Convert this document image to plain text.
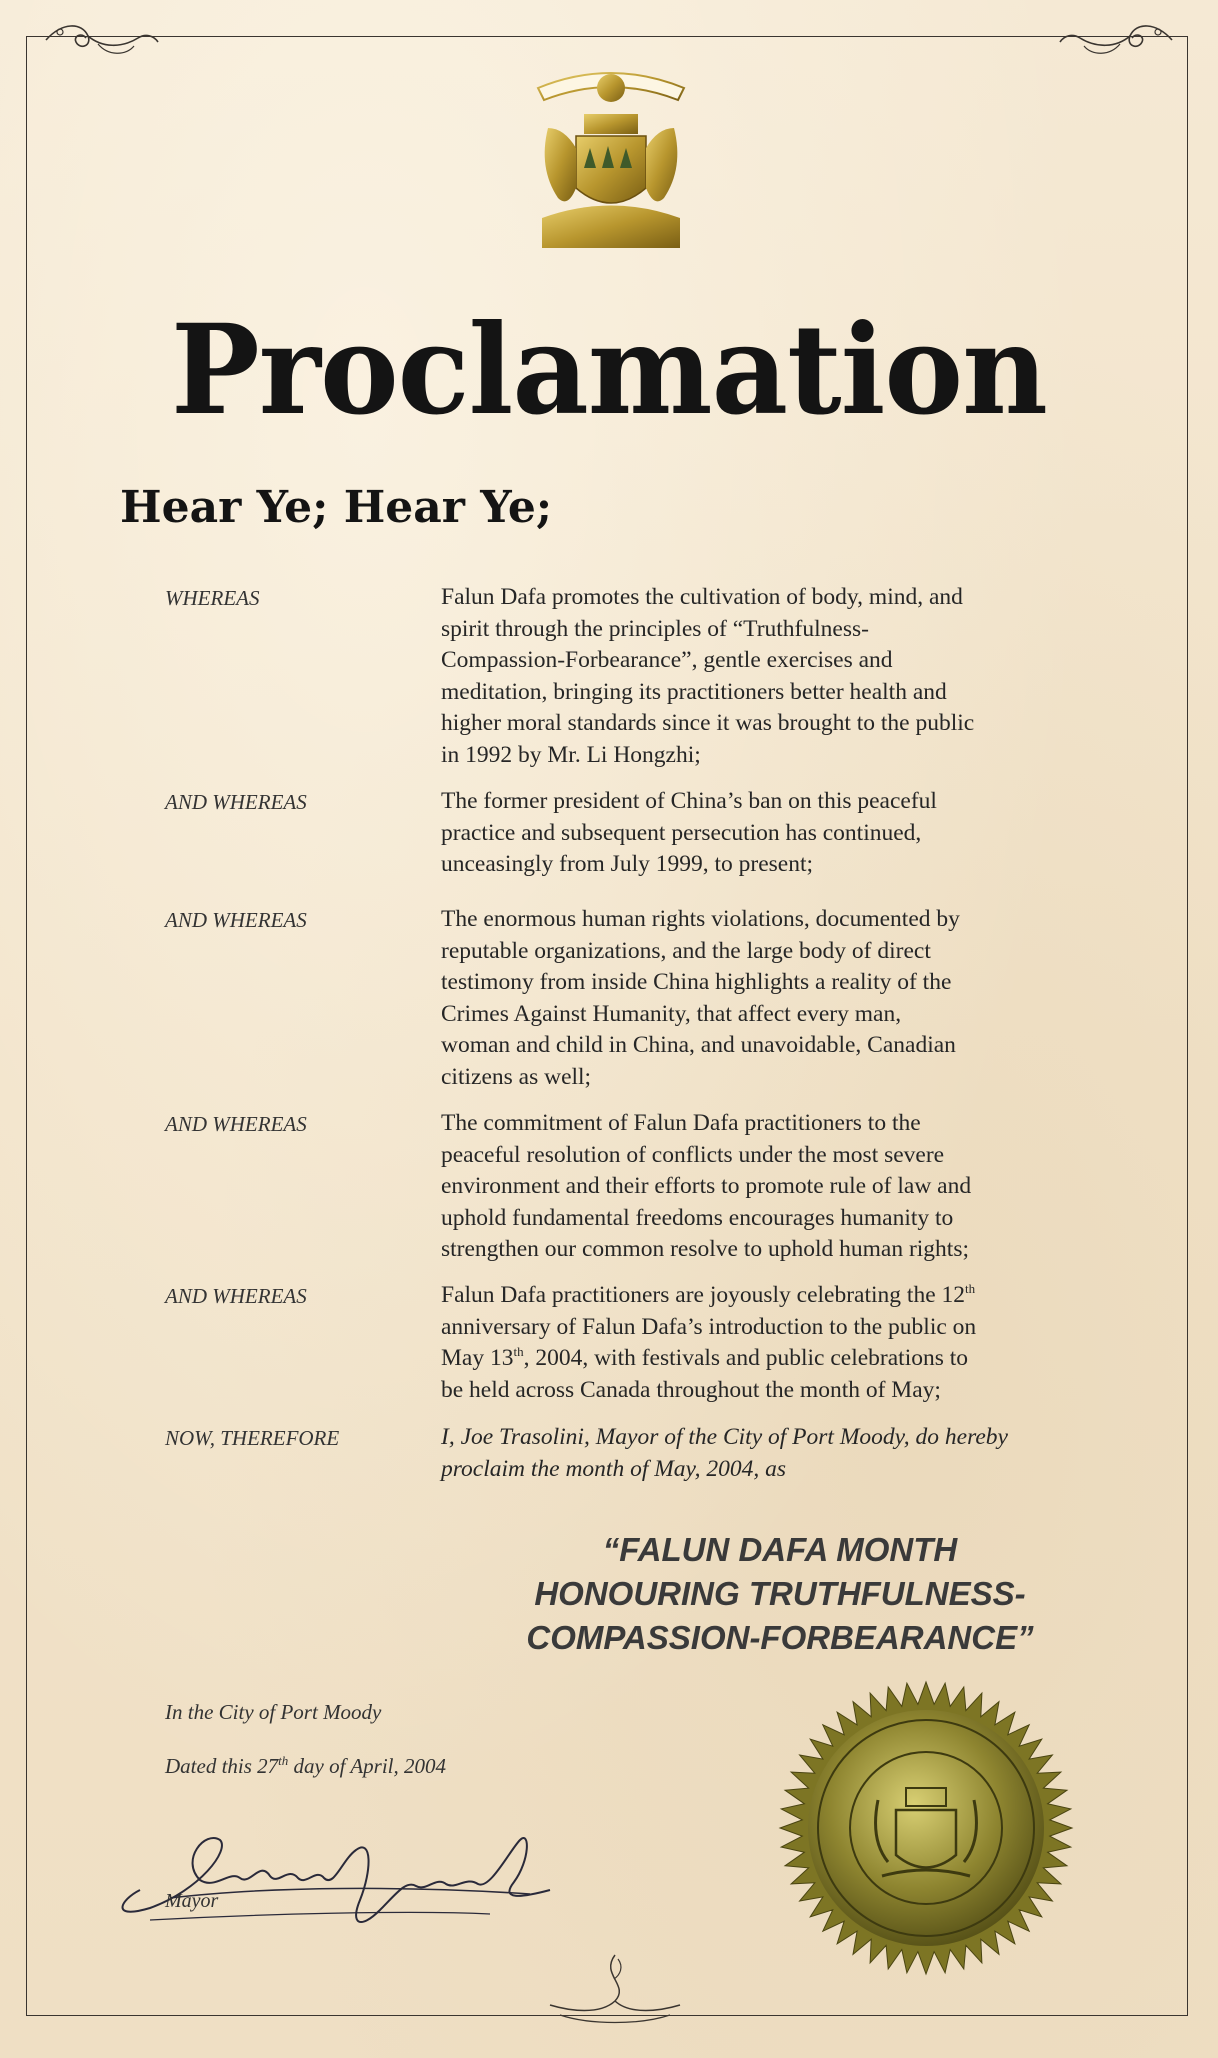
Proclamation
Hear Ye; Hear Ye;
WHEREAS	Falun Dafa promotes the cultivation of body, mind, and

spirit through the principles of “Truthfulness-

Compassion-Forbearance”, gentle exercises and

meditation, bringing its practitioners better health and

higher moral standards since it was brought to the public

in 1992 by Mr. Li Hongzhi;

AND WHEREAS	The former president of China’s ban on this peaceful

practice and subsequent persecution has continued,

unceasingly from July 1999, to present;

AND WHEREAS	The enormous human rights violations, documented by

reputable organizations, and the large body of direct

testimony from inside China highlights a reality of the

Crimes Against Humanity, that affect every man,

woman and child in China, and unavoidable, Canadian

citizens as well;

AND WHEREAS	The commitment of Falun Dafa practitioners to the

peaceful resolution of conflicts under the most severe

environment and their efforts to promote rule of law and

uphold fundamental freedoms encourages humanity to

strengthen our common resolve to uphold human rights;

AND WHEREAS	Falun Dafa practitioners are joyously celebrating the 12th

anniversary of Falun Dafa’s introduction to the public on

May 13th, 2004, with festivals and public celebrations to

be held across Canada throughout the month of May;

NOW, THEREFORE	I, Joe Trasolini, Mayor of the City of Port Moody, do hereby

proclaim the month of May, 2004, as

“FALUN DAFA MONTH

HONOURING TRUTHFULNESS-

COMPASSION-FORBEARANCE”

In the City of Port Moody
Dated this 27th day of April, 2004
Mayor
